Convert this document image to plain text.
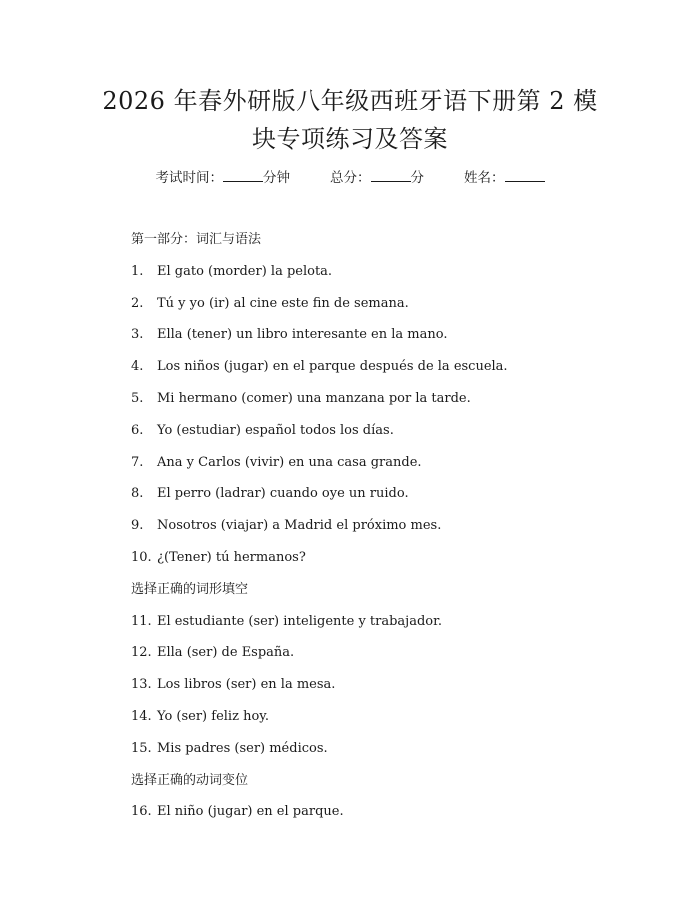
2026 年春外研版八年级西班牙语下册第 2 模
块专项练习及答案
考试时间：	分钟	总分：	分	姓名：
第一部分：词汇与语法
1. El gato (morder) la pelota.
2. Tú y yo (ir) al cine este fin de semana.
3. Ella (tener) un libro interesante en la mano.
4. Los niños (jugar) en el parque después de la escuela.
5. Mi hermano (comer) una manzana por la tarde.
6. Yo (estudiar) español todos los días.
7. Ana y Carlos (vivir) en una casa grande.
8. El perro (ladrar) cuando oye un ruido.
9. Nosotros (viajar) a Madrid el próximo mes.
10. ¿(Tener) tú hermanos?
选择正确的词形填空
11. El estudiante (ser) inteligente y trabajador.
12. Ella (ser) de España.
13. Los libros (ser) en la mesa.
14. Yo (ser) feliz hoy.
15. Mis padres (ser) médicos.
选择正确的动词变位
16. El niño (jugar) en el parque.
